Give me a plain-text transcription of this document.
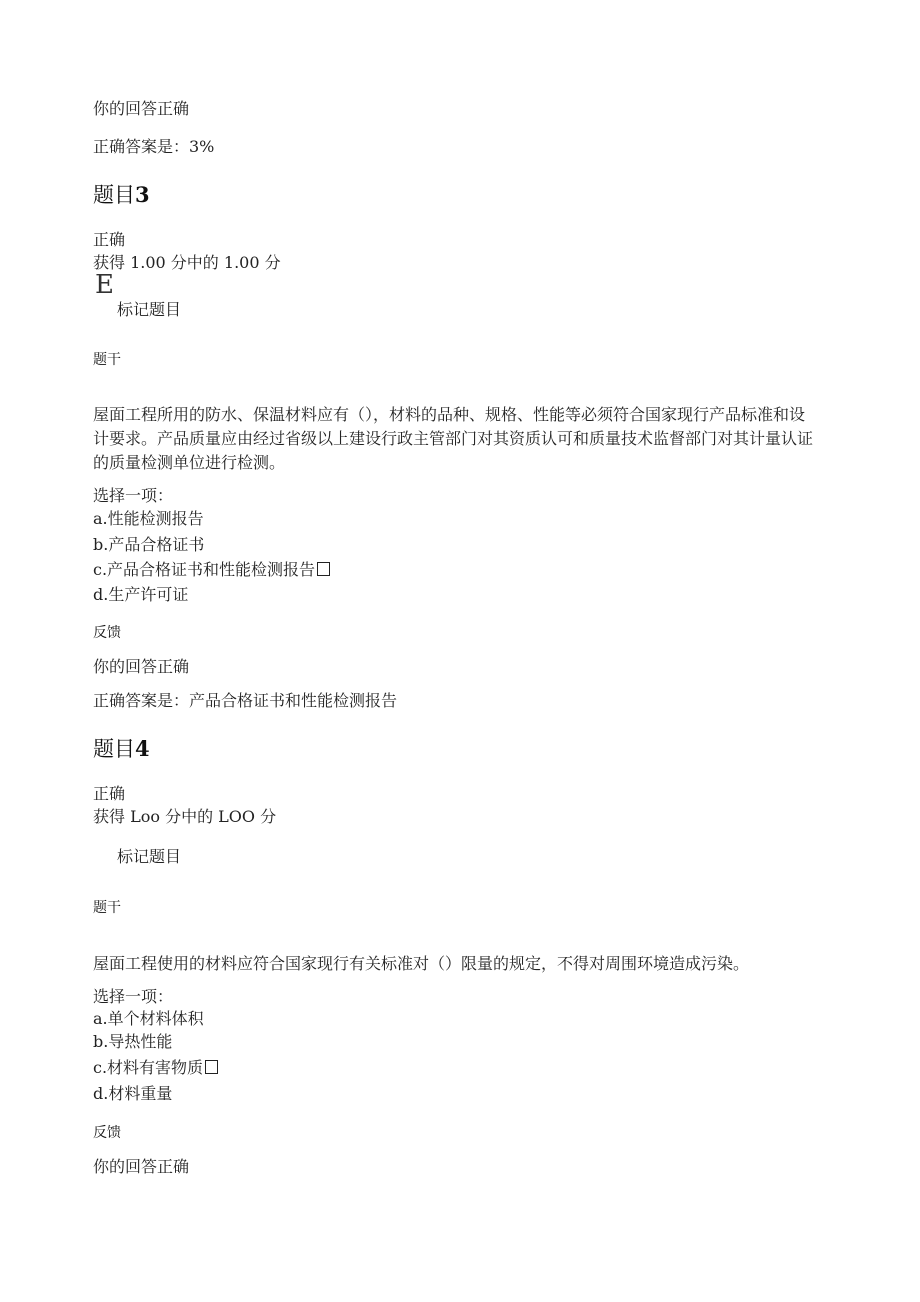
你的回答正确
正确答案是：3%
题目3
正确
获得 1.00 分中的 1.00 分
E
标记题目
题干
屋面工程所用的防水、保温材料应有（），材料的品种、规格、性能等必须符合国家现行产品标准和设计要求。产品质量应由经过省级以上建设行政主管部门对其资质认可和质量技术监督部门对其计量认证的质量检测单位进行检测。
选择一项：
a.性能检测报告
b.产品合格证书
c.产品合格证书和性能检测报告
d.生产许可证
反馈
你的回答正确
正确答案是：产品合格证书和性能检测报告
题目4
正确
获得 Loo 分中的 LOO 分
标记题目
题干
屋面工程使用的材料应符合国家现行有关标准对（）限量的规定，不得对周围环境造成污染。
选择一项：
a.单个材料体积
b.导热性能
c.材料有害物质
d.材料重量
反馈
你的回答正确
